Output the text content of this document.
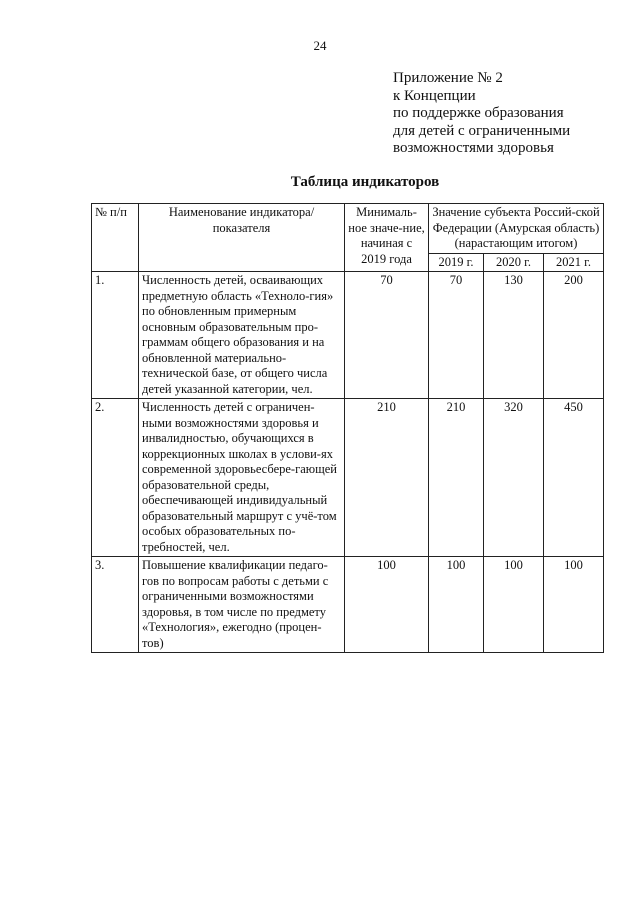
24
Приложение № 2
к Концепции
по поддержке образования
для детей с ограниченными
возможностями здоровья
Таблица индикаторов
№ п/п	Наименование индикатора/показателя	Минималь-ное значе-ние, начиная с 2019 года	Значение субъекта Россий-ской Федерации (Амурская область) (нарастающим итогом)		
			2019 г.	2020 г.	2021 г.
1.	Численность детей, осваивающих предметную область «Техноло-гия» по обновленным примерным основным образовательным про-граммам общего образования и на обновленной материально-технической базе, от общего числа детей указанной категории, чел.	70	70	130	200
2.	Численность детей с ограничен-ными возможностями здоровья и инвалидностью, обучающихся в коррекционных школах в услови-ях современной здоровьесбере-гающей образовательной среды, обеспечивающей индивидуальный образовательный маршрут с учё-том особых образовательных по-требностей, чел.	210	210	320	450
3.	Повышение квалификации педаго-гов по вопросам работы с детьми с ограниченными возможностями здоровья, в том числе по предмету «Технология», ежегодно (процен-тов)	100	100	100	100
